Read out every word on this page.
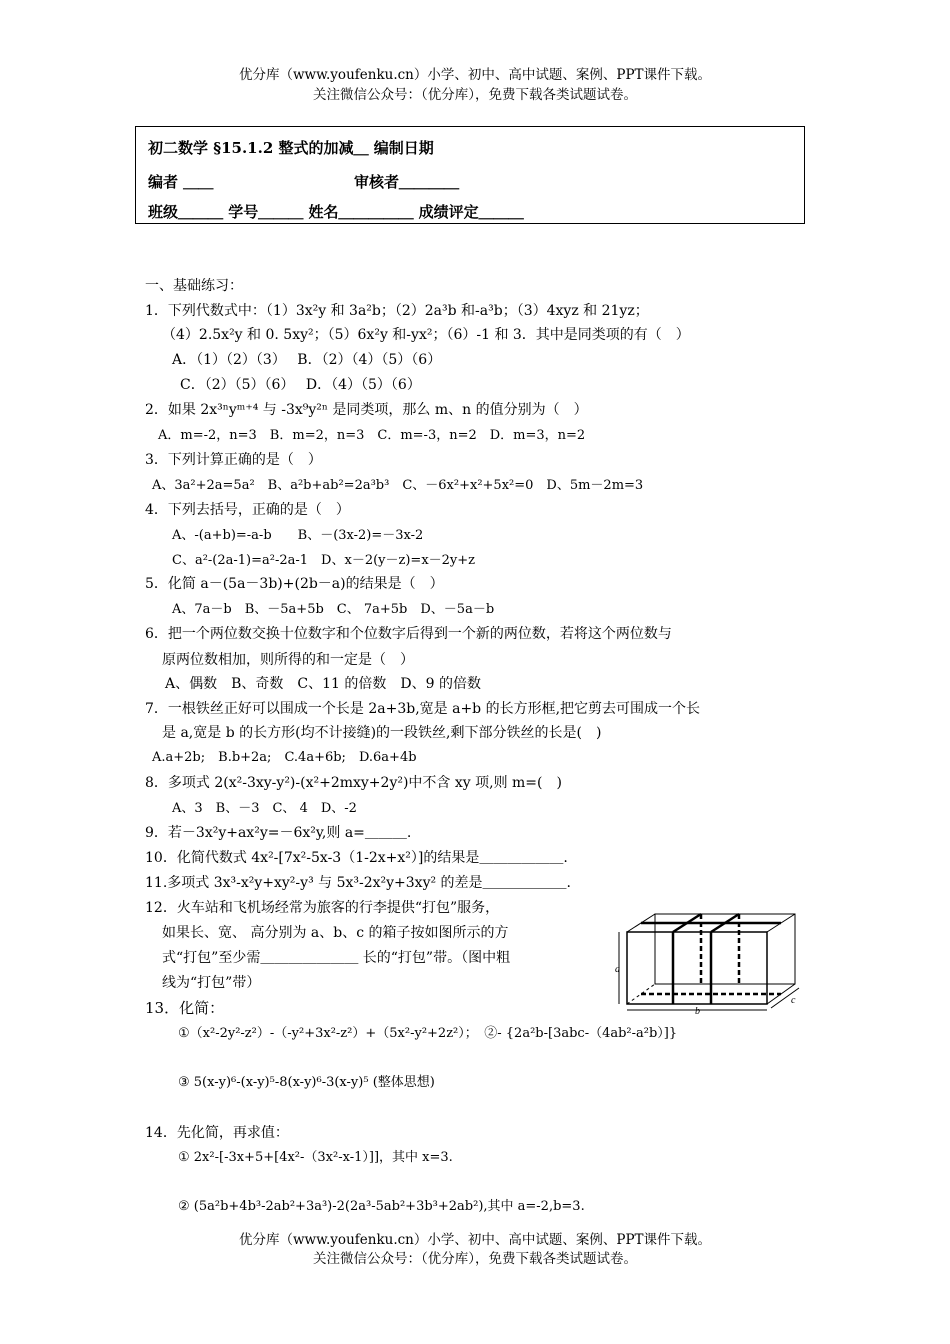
优分库（www.youfenku.cn）小学、初中、高中试题、案例、PPT课件下载。
关注微信公众号：（优分库），免费下载各类试题试卷。
初二数学 §15.1.2 整式的加减＿ 编制日期
编者 ＿＿	审核者＿＿＿＿
班级＿＿＿ 学号＿＿＿ 姓名＿＿＿＿＿ 成绩评定＿＿＿
一、基础练习：
1．下列代数式中：（1）3x²y 和 3a²b；（2）2a³b 和-a³b；（3）4xyz 和 21yz；
（4）2.5x²y 和 0. 5xy²；（5）6x²y 和-yx²；（6）-1 和 3．其中是同类项的有（　）
A．（1）（2）（3）　 B．（2）（4）（5）（6）
C．（2）（5）（6）　 D．（4）（5）（6）
2．如果 2x³ⁿyᵐ⁺⁴ 与 -3x⁹y²ⁿ 是同类项，那么 m、n 的值分别为（　）
A．m=-2，n=3　B．m=2，n=3　C．m=-3，n=2　D．m=3，n=2
3．下列计算正确的是（　）
A、3a²+2a=5a²　B、a²b+ab²=2a³b³　C、－6x²+x²+5x²=0　D、5m－2m=3
4．下列去括号，正确的是（　）
A、-(a+b)=-a-b　　B、－(3x-2)=－3x-2
C、a²-(2a-1)=a²-2a-1　D、x－2(y－z)=x－2y+z
5．化简 a－(5a－3b)+(2b－a)的结果是（　）
A、7a－b　B、－5a+5b　C、 7a+5b　D、－5a－b
6．把一个两位数交换十位数字和个位数字后得到一个新的两位数，若将这个两位数与
原两位数相加，则所得的和一定是（　）
A、偶数　B、奇数　C、11 的倍数　D、9 的倍数
7．一根铁丝正好可以围成一个长是 2a+3b,宽是 a+b 的长方形框,把它剪去可围成一个长
是 a,宽是 b 的长方形(均不计接缝)的一段铁丝,剩下部分铁丝的长是(　)
A.a+2b;　B.b+2a;　C.4a+6b;　D.6a+4b
8．多项式 2(x²-3xy-y²)-(x²+2mxy+2y²)中不含 xy 项,则 m=(　)
A、3　B、－3　C、 4　D、-2
9．若－3x²y+ax²y=－6x²y,则 a=＿＿＿.
10．化简代数式 4x²-[7x²-5x-3（1-2x+x²）]的结果是＿＿＿＿＿＿.
11.多项式 3x³-x²y+xy²-y³ 与 5x³-2x²y+3xy² 的差是＿＿＿＿＿＿.
12．火车站和飞机场经常为旅客的行李提供“打包”服务，
如果长、宽、 高分别为 a、b、c 的箱子按如图所示的方
式“打包”至少需＿＿＿＿＿＿＿ 长的“打包”带。（图中粗
线为“打包”带）
a
b
c
13．化简：
①（x²-2y²-z²）-（-y²+3x²-z²）+（5x²-y²+2z²）；　②- {2a²b-[3abc-（4ab²-a²b）]}
③ 5(x-y)⁶-(x-y)⁵-8(x-y)⁶-3(x-y)⁵ (整体思想)
14．先化简，再求值：
① 2x²-[-3x+5+[4x²-（3x²-x-1）]]，其中 x=3.
② (5a²b+4b³-2ab²+3a³)-2(2a³-5ab²+3b³+2ab²),其中 a=-2,b=3.
优分库（www.youfenku.cn）小学、初中、高中试题、案例、PPT课件下载。
关注微信公众号：（优分库），免费下载各类试题试卷。
